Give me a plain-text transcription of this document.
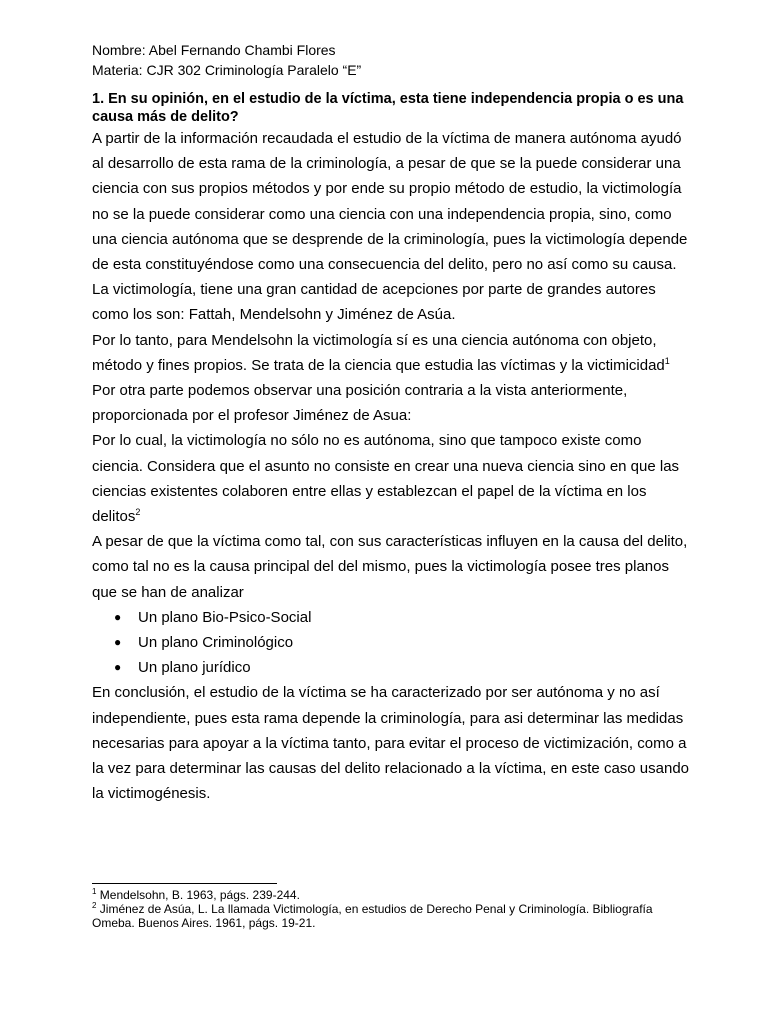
Nombre: Abel Fernando Chambi Flores
Materia: CJR 302 Criminología Paralelo “E”
1. En su opinión, en el estudio de la víctima, esta tiene independencia propia o es una causa más de delito?

A partir de la información recaudada el estudio de la víctima de manera autónoma ayudó al desarrollo de esta rama de la criminología, a pesar de que se la puede considerar una ciencia con sus propios métodos y por ende su propio método de estudio, la victimología no se la puede considerar como una ciencia con una independencia propia, sino, como una ciencia autónoma que se desprende de la criminología, pues la victimología depende de esta constituyéndose como una consecuencia del delito, pero no así como su causa.

La victimología, tiene una gran cantidad de acepciones por parte de grandes autores como los son: Fattah, Mendelsohn y Jiménez de Asúa.

Por lo tanto, para Mendelsohn la victimología sí es una ciencia autónoma con objeto, método y fines propios. Se trata de la ciencia que estudia las víctimas y la victimicidad$^1$

Por otra parte podemos observar una posición contraria a la vista anteriormente, proporcionada por el profesor Jiménez de Asua:

Por lo cual, la victimología no sólo no es autónoma, sino que tampoco existe como ciencia. Considera que el asunto no consiste en crear una nueva ciencia sino en que las ciencias existentes colaboren entre ellas y establezcan el papel de la víctima en los delitos$^2$

A pesar de que la víctima como tal, con sus características influyen en la causa del delito, como tal no es la causa principal del del mismo, pues la victimología posee tres planos que se han de analizar

●	Un plano Bio-Psico-Social
●	Un plano Criminológico
●	Un plano jurídico

En conclusión, el estudio de la víctima se ha caracterizado por ser autónoma y no así independiente, pues esta rama depende la criminología, para asi determinar las medidas necesarias para apoyar a la víctima tanto, para evitar el proceso de victimización, como a la vez para determinar las causas del delito relacionado a la víctima, en este caso usando la victimogénesis.

$^1$ Mendelsohn, B. 1963, págs. 239-244.
$^2$ Jiménez de Asúa, L. La llamada Victimología, en estudios de Derecho Penal y Criminología. Bibliografía Omeba. Buenos Aires. 1961, págs. 19-21.
